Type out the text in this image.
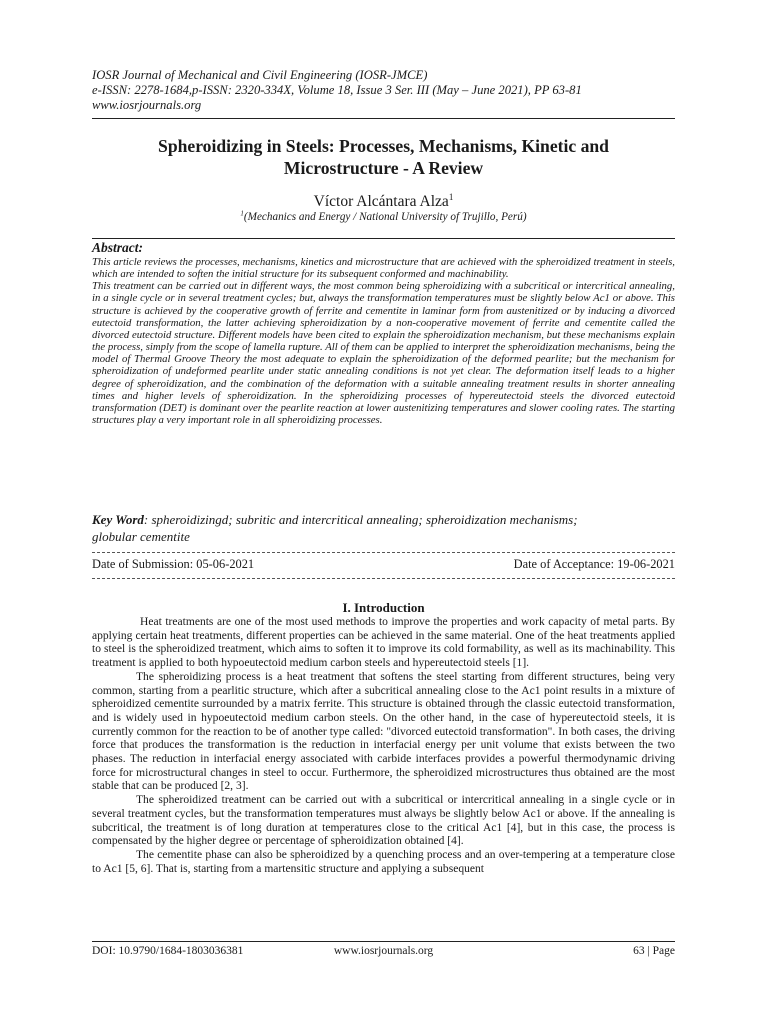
IOSR Journal of Mechanical and Civil Engineering (IOSR-JMCE)
e-ISSN: 2278-1684,p-ISSN: 2320-334X, Volume 18, Issue 3 Ser. III (May – June 2021), PP 63-81
www.iosrjournals.org
Spheroidizing in Steels: Processes, Mechanisms, Kinetic and
Microstructure - A Review
Víctor Alcántara Alza$^1$
$^1$(Mechanics and Energy / National University of Trujillo, Perú)
Abstract:

This article reviews the processes, mechanisms, kinetics and microstructure that are achieved with the spheroidized treatment in steels, which are intended to soften the initial structure for its subsequent conformed and machinability.

This treatment can be carried out in different ways, the most common being spheroidizing with a subcritical or intercritical annealing, in a single cycle or in several treatment cycles; but, always the transformation temperatures must be slightly below Ac1 or above. This structure is achieved by the cooperative growth of ferrite and cementite in laminar form from austenitized or by inducing a divorced eutectoid transformation, the latter achieving spheroidization by a non-cooperative movement of ferrite and cementite called the divorced eutectoid structure. Different models have been cited to explain the spheroidization mechanism, but these mechanisms explain the process, simply from the scope of lamella rupture. All of them can be applied to interpret the spheroidization mechanisms, being the model of Thermal Groove Theory the most adequate to explain the spheroidization of the deformed pearlite; but the mechanism for spheroidization of undeformed pearlite under static annealing conditions is not yet clear. The deformation itself leads to a higher degree of spheroidization, and the combination of the deformation with a suitable annealing treatment results in shorter annealing times and higher levels of spheroidization. In the spheroidizing processes of hypereutectoid steels the divorced eutectoid transformation (DET) is dominant over the pearlite reaction at lower austenitizing temperatures and slower cooling rates. The starting structures play a very important role in all spheroidizing processes.

Key Word: spheroidizingd; subritic and intercritical annealing; spheroidization mechanisms;
globular cementite
Date of Submission: 05-06-2021	Date of Acceptance: 19-06-2021
I. Introduction

Heat treatments are one of the most used methods to improve the properties and work capacity of metal parts. By applying certain heat treatments, different properties can be achieved in the same material. One of the heat treatments applied to steel is the spheroidized treatment, which aims to soften it to improve its cold formability, as well as its machinability. This treatment is applied to both hypoeutectoid medium carbon steels and hypereutectoid steels [1].

The spheroidizing process is a heat treatment that softens the steel starting from different structures, being very common, starting from a pearlitic structure, which after a subcritical annealing close to the Ac1 point results in a mixture of spheroidized cementite surrounded by a matrix ferrite. This structure is obtained through the classic eutectoid transformation, and is widely used in hypoeutectoid medium carbon steels. On the other hand, in the case of hypereutectoid steels, it is currently common for the reaction to be of another type called: "divorced eutectoid transformation". In both cases, the driving force that produces the transformation is the reduction in interfacial energy per unit volume that exists between the two phases. The reduction in interfacial energy associated with carbide interfaces provides a powerful thermodynamic driving force for microstructural changes in steel to occur. Furthermore, the spheroidized microstructures thus obtained are the most stable that can be produced [2, 3].

The spheroidized treatment can be carried out with a subcritical or intercritical annealing in a single cycle or in several treatment cycles, but the transformation temperatures must always be slightly below Ac1 or above. If the annealing is subcritical, the treatment is of long duration at temperatures close to the critical Ac1 [4], but in this case, the process is compensated by the higher degree or percentage of spheroidization obtained [4].

The cementite phase can also be spheroidized by a quenching process and an over-tempering at a temperature close to Ac1 [5, 6]. That is, starting from a martensitic structure and applying a subsequent

DOI: 10.9790/1684-1803036381	www.iosrjournals.org	63 | Page
